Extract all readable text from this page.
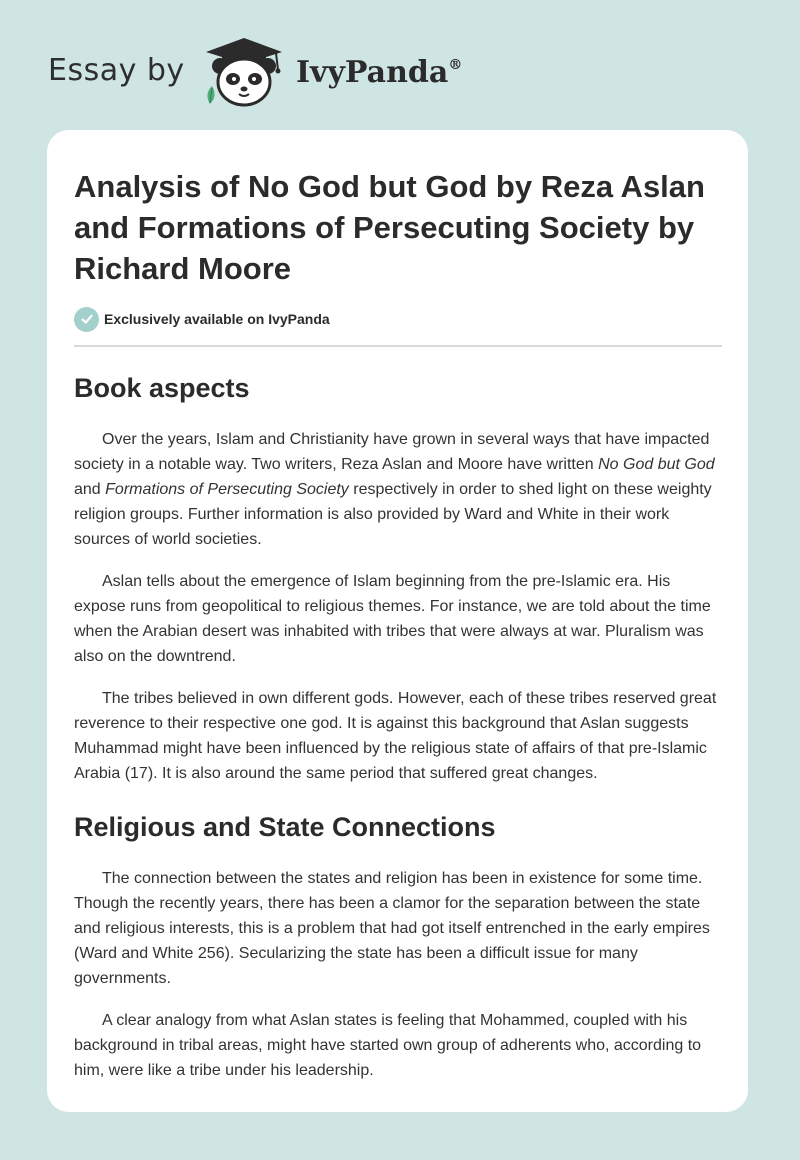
Essay by	IvyPanda®
Analysis of No God but God by Reza Aslan and Formations of Persecuting Society by Richard Moore
Exclusively available on IvyPanda
Book aspects

Over the years, Islam and Christianity have grown in several ways that have impacted society in a notable way. Two writers, Reza Aslan and Moore have written No God but God and Formations of Persecuting Society respectively in order to shed light on these weighty religion groups. Further information is also provided by Ward and White in their work sources of world societies.

Aslan tells about the emergence of Islam beginning from the pre-Islamic era. His expose runs from geopolitical to religious themes. For instance, we are told about the time when the Arabian desert was inhabited with tribes that were always at war. Pluralism was also on the downtrend.

The tribes believed in own different gods. However, each of these tribes reserved great reverence to their respective one god. It is against this background that Aslan suggests Muhammad might have been influenced by the religious state of affairs of that pre-Islamic Arabia (17). It is also around the same period that suffered great changes.

Religious and State Connections

The connection between the states and religion has been in existence for some time. Though the recently years, there has been a clamor for the separation between the state and religious interests, this is a problem that had got itself entrenched in the early empires (Ward and White 256). Secularizing the state has been a difficult issue for many governments.

A clear analogy from what Aslan states is feeling that Mohammed, coupled with his background in tribal areas, might have started own group of adherents who, according to him, were like a tribe under his leadership.
